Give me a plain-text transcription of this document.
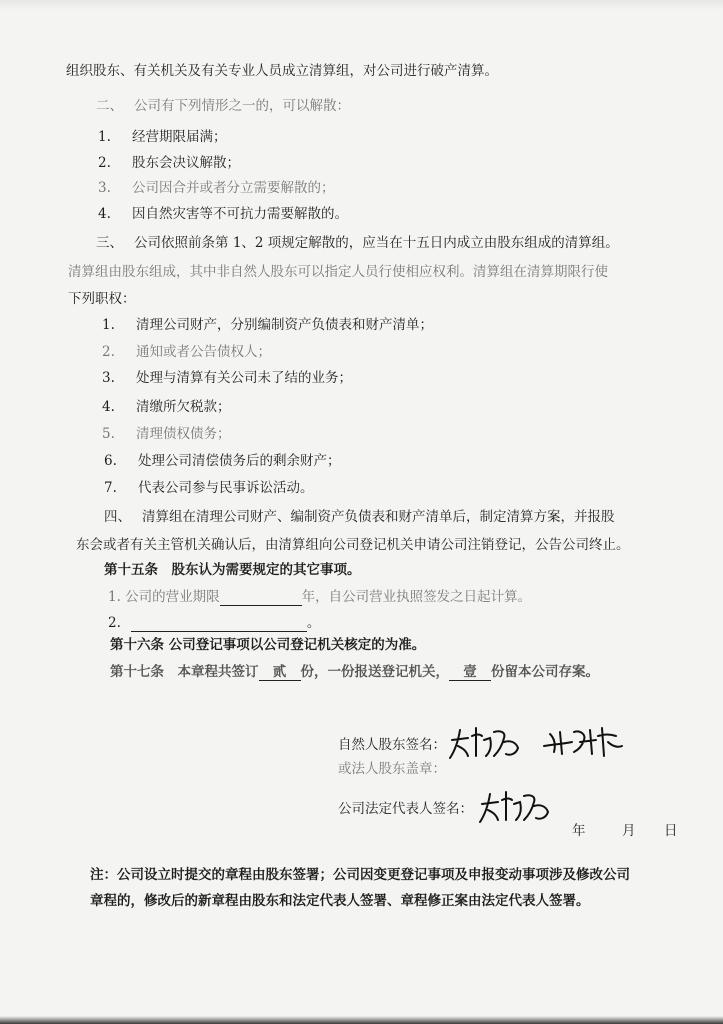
组织股东、有关机关及有关专业人员成立清算组，对公司进行破产清算。
二、　 公司有下列情形之一的，可以解散：
1. 经营期限届满；
2. 股东会决议解散；
3. 公司因合并或者分立需要解散的；
4. 因自然灾害等不可抗力需要解散的。
三、　 公司依照前条第 1、2 项规定解散的，应当在十五日内成立由股东组成的清算组。
清算组由股东组成，其中非自然人股东可以指定人员行使相应权利。清算组在清算期限行使
下列职权：
1. 清理公司财产，分别编制资产负债表和财产清单；
2. 通知或者公告债权人；
3. 处理与清算有关公司未了结的业务；
4. 清缴所欠税款；
5. 清理债权债务；
6. 处理公司清偿债务后的剩余财产；
7. 代表公司参与民事诉讼活动。
四、　 清算组在清理公司财产、编制资产负债表和财产清单后，制定清算方案，并报股
东会或者有关主管机关确认后，由清算组向公司登记机关申请公司注销登记，公告公司终止。
第十五条　股东认为需要规定的其它事项。
1. 公司的营业期限	年，自公司营业执照签发之日起计算。
2.	。
第十六条 公司登记事项以公司登记机关核定的为准。
第十七条　本章程共签订 贰 份，一份报送登记机关， 壹 份留本公司存案。
自然人股东签名：
或法人股东盖章：
公司法定代表人签名：
年	月 日
注：公司设立时提交的章程由股东签署；公司因变更登记事项及申报变动事项涉及修改公司
章程的，修改后的新章程由股东和法定代表人签署、章程修正案由法定代表人签署。
